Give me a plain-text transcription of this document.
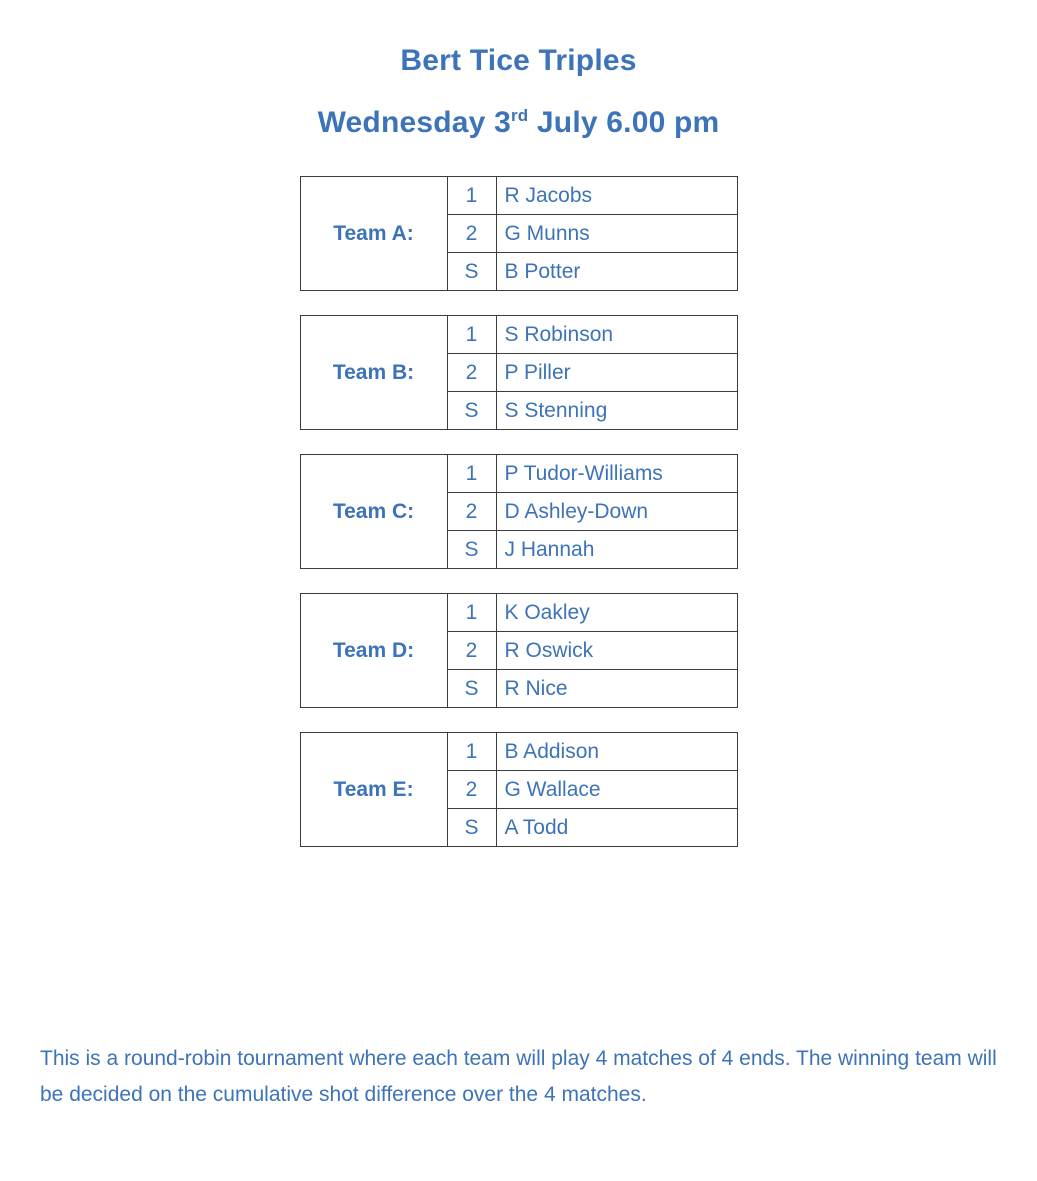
Bert Tice Triples
Wednesday 3rd July 6.00 pm
Team A:	1	R Jacobs
	2	G Munns
	S	B Potter
Team B:	1	S Robinson
	2	P Piller
	S	S Stenning
Team C:	1	P Tudor-Williams
	2	D Ashley-Down
	S	J Hannah
Team D:	1	K Oakley
	2	R Oswick
	S	R Nice
Team E:	1	B Addison
	2	G Wallace
	S	A Todd

This is a round-robin tournament where each team will play 4 matches of 4 ends. The winning team will be decided on the cumulative shot difference over the 4 matches.
